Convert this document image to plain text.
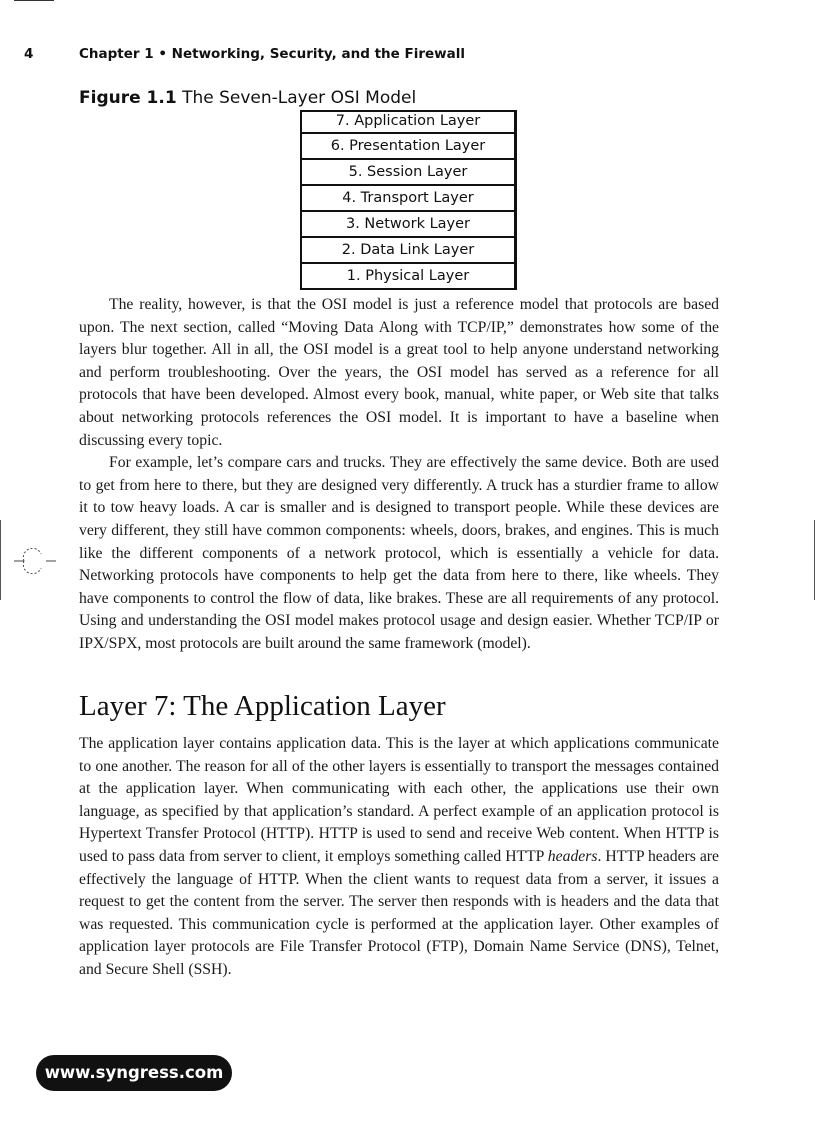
4	Chapter 1 • Networking, Security, and the Firewall
Figure 1.1 The Seven-Layer OSI Model
7. Application Layer
6. Presentation Layer
5. Session Layer
4. Transport Layer
3. Network Layer
2. Data Link Layer
1. Physical Layer

The reality, however, is that the OSI model is just a reference model that protocols are based upon. The next section, called “Moving Data Along with TCP/IP,” demonstrates how some of the layers blur together. All in all, the OSI model is a great tool to help anyone understand networking and perform troubleshooting. Over the years, the OSI model has served as a reference for all protocols that have been developed. Almost every book, manual, white paper, or Web site that talks about networking protocols references the OSI model. It is important to have a baseline when discussing every topic.

For example, let’s compare cars and trucks. They are effectively the same device. Both are used to get from here to there, but they are designed very differently. A truck has a sturdier frame to allow it to tow heavy loads. A car is smaller and is designed to transport people. While these devices are very different, they still have common components: wheels, doors, brakes, and engines. This is much like the different components of a network protocol, which is essentially a vehicle for data. Networking protocols have components to help get the data from here to there, like wheels. They have components to control the flow of data, like brakes. These are all requirements of any protocol. Using and understanding the OSI model makes protocol usage and design easier. Whether TCP/IP or IPX/SPX, most protocols are built around the same framework (model).

Layer 7: The Application Layer

The application layer contains application data. This is the layer at which applications communicate to one another. The reason for all of the other layers is essentially to transport the messages contained at the application layer. When communicating with each other, the applications use their own language, as specified by that application’s standard. A perfect example of an application protocol is Hypertext Transfer Protocol (HTTP). HTTP is used to send and receive Web content. When HTTP is used to pass data from server to client, it employs something called HTTP headers. HTTP headers are effectively the language of HTTP. When the client wants to request data from a server, it issues a request to get the content from the server. The server then responds with is headers and the data that was requested. This communication cycle is performed at the application layer. Other examples of application layer protocols are File Transfer Protocol (FTP), Domain Name Service (DNS), Telnet, and Secure Shell (SSH).

www.syngress.com
